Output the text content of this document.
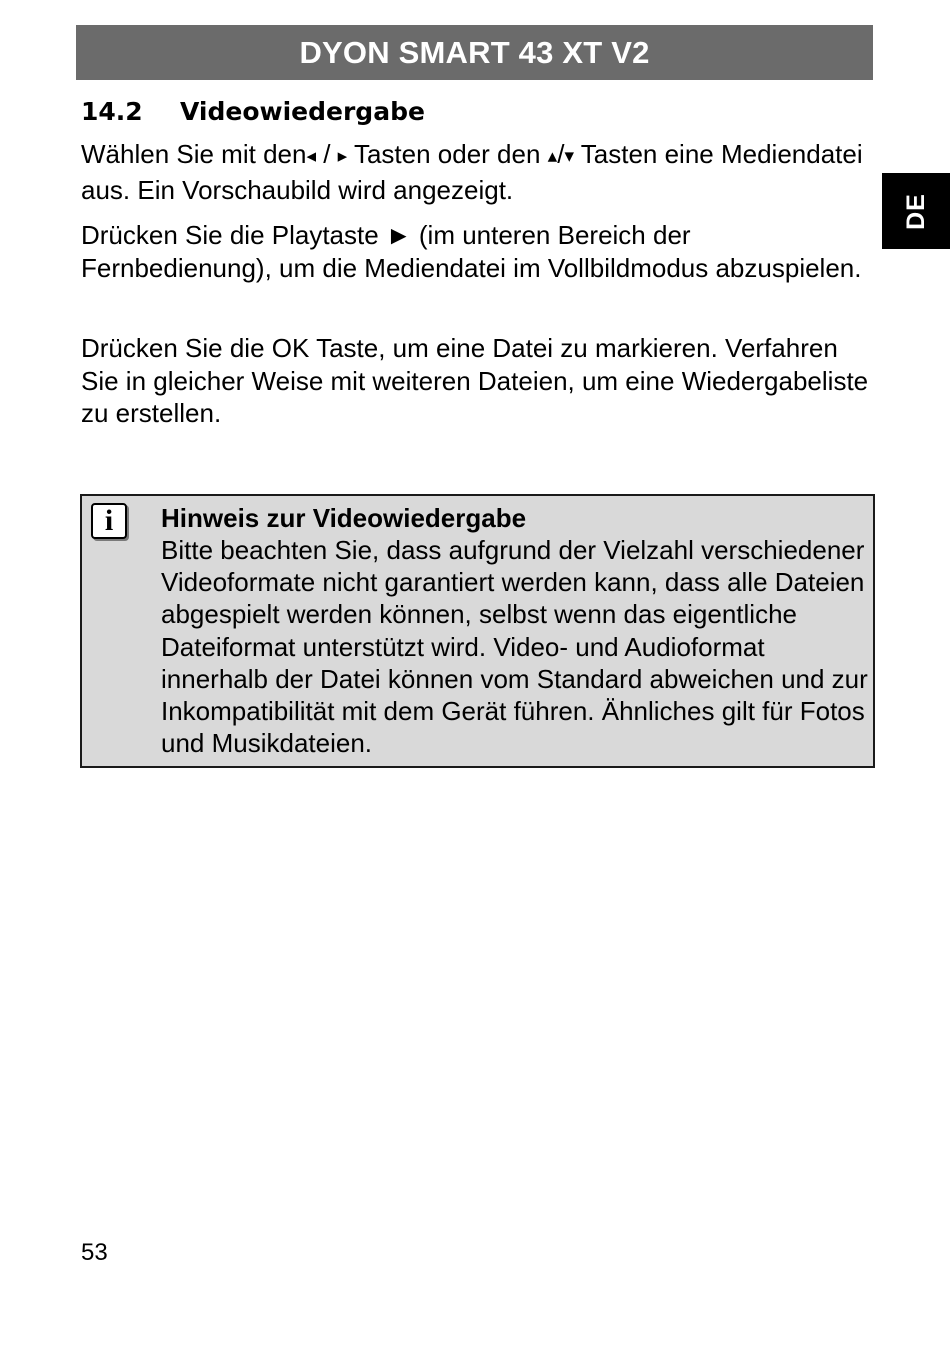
DYON SMART 43 XT V2
DE
14.2	Videowiedergabe

Wählen Sie mit den◂ / ▸ Tasten oder den ▴/▾ Tasten eine Mediendatei aus. Ein Vorschaubild wird angezeigt.

Drücken Sie die Playtaste ► (im unteren Bereich der Fernbedienung), um die Mediendatei im Vollbildmodus abzuspielen.

Drücken Sie die OK Taste, um eine Datei zu markieren. Verfahren Sie in gleicher Weise mit weiteren Dateien, um eine Wiedergabeliste zu erstellen.

i Hinweis zur Videowiedergabe

Bitte beachten Sie, dass aufgrund der Vielzahl verschiedener Videoformate nicht garantiert werden kann, dass alle Dateien abgespielt werden können, selbst wenn das eigentliche Dateiformat unterstützt wird. Video- und Audioformat innerhalb der Datei können vom Standard abweichen und zur Inkompatibilität mit dem Gerät führen. Ähnliches gilt für Fotos und Musikdateien.

53
